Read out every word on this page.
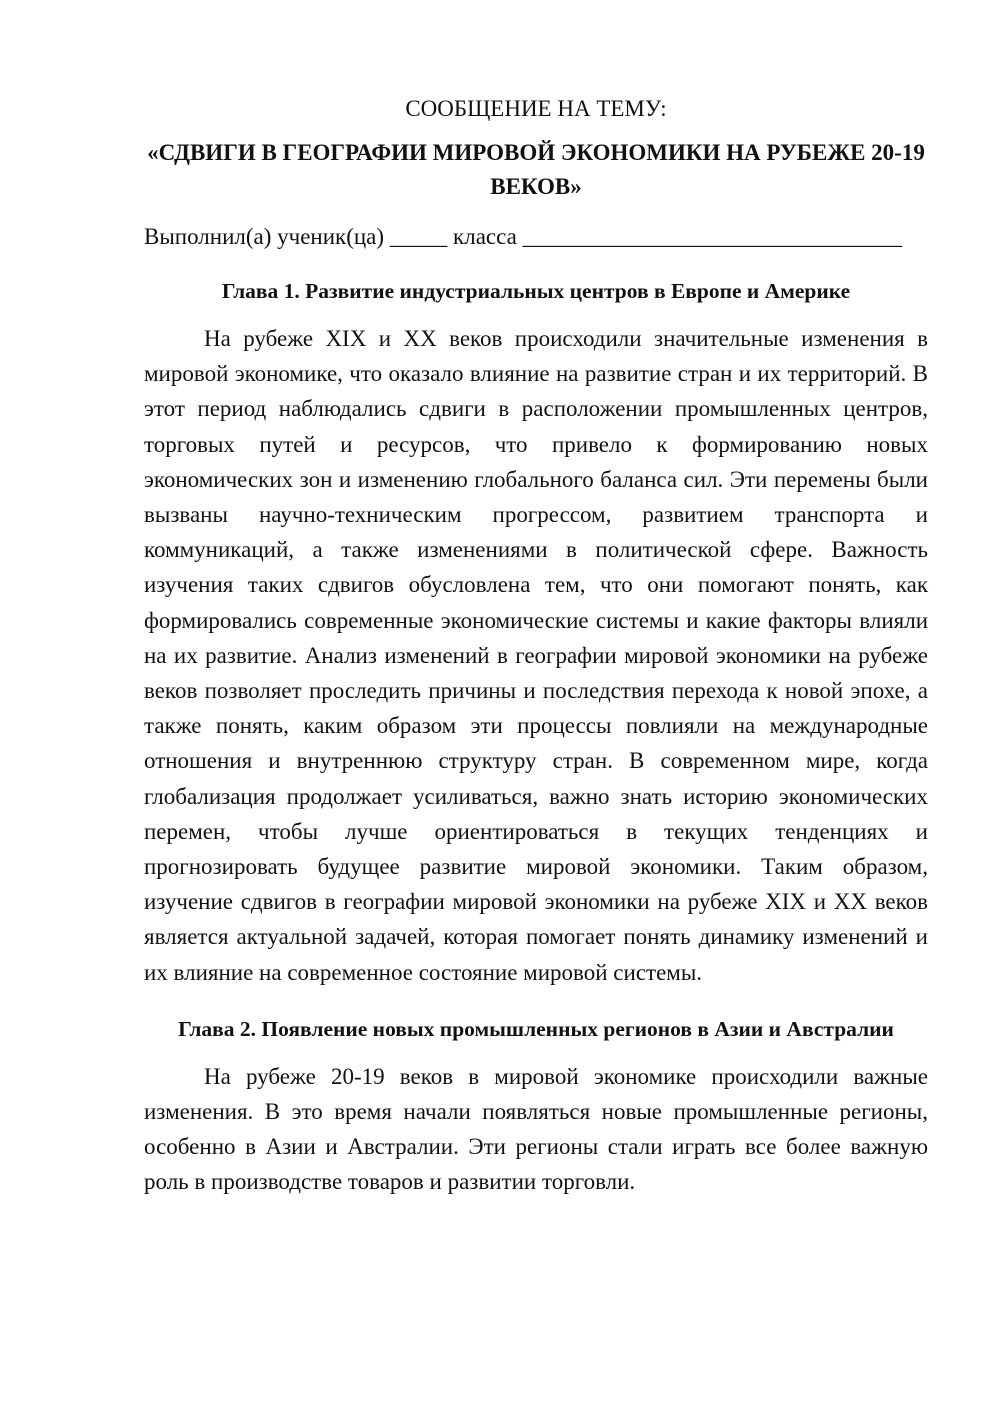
СООБЩЕНИЕ НА ТЕМУ:

«СДВИГИ В ГЕОГРАФИИ МИРОВОЙ ЭКОНОМИКИ НА РУБЕЖЕ 20-19 ВЕКОВ»

Выполнил(а) ученик(ца) _____ класса _________________________________

Глава 1. Развитие индустриальных центров в Европе и Америке

На рубеже XIX и XX веков происходили значительные изменения в мировой экономике, что оказало влияние на развитие стран и их территорий. В этот период наблюдались сдвиги в расположении промышленных центров, торговых путей и ресурсов, что привело к формированию новых экономических зон и изменению глобального баланса сил. Эти перемены были вызваны научно-техническим прогрессом, развитием транспорта и коммуникаций, а также изменениями в политической сфере. Важность изучения таких сдвигов обусловлена тем, что они помогают понять, как формировались современные экономические системы и какие факторы влияли на их развитие. Анализ изменений в географии мировой экономики на рубеже веков позволяет проследить причины и последствия перехода к новой эпохе, а также понять, каким образом эти процессы повлияли на международные отношения и внутреннюю структуру стран. В современном мире, когда глобализация продолжает усиливаться, важно знать историю экономических перемен, чтобы лучше ориентироваться в текущих тенденциях и прогнозировать будущее развитие мировой экономики. Таким образом, изучение сдвигов в географии мировой экономики на рубеже XIX и XX веков является актуальной задачей, которая помогает понять динамику изменений и их влияние на современное состояние мировой системы.

Глава 2. Появление новых промышленных регионов в Азии и Австралии

На рубеже 20-19 веков в мировой экономике происходили важные изменения. В это время начали появляться новые промышленные регионы, особенно в Азии и Австралии. Эти регионы стали играть все более важную роль в производстве товаров и развитии торговли.
